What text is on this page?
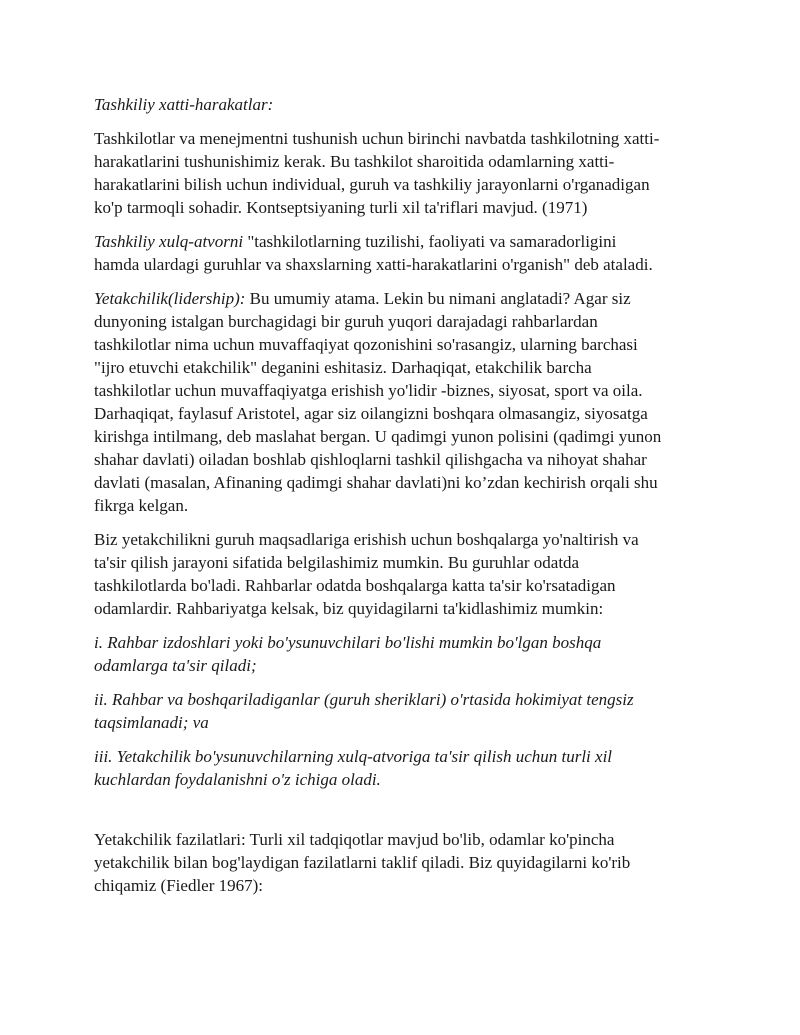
Tashkiliy xatti-harakatlar:

Tashkilotlar va menejmentni tushunish uchun birinchi navbatda tashkilotning xatti-
harakatlarini tushunishimiz kerak. Bu tashkilot sharoitida odamlarning xatti-
harakatlarini bilish uchun individual, guruh va tashkiliy jarayonlarni o'rganadigan
ko'p tarmoqli sohadir. Kontseptsiyaning turli xil ta'riflari mavjud. (1971)

Tashkiliy xulq-atvorni "tashkilotlarning tuzilishi, faoliyati va samaradorligini
hamda ulardagi guruhlar va shaxslarning xatti-harakatlarini o'rganish" deb ataladi.

Yetakchilik(lidership): Bu umumiy atama. Lekin bu nimani anglatadi? Agar siz
dunyoning istalgan burchagidagi bir guruh yuqori darajadagi rahbarlardan
tashkilotlar nima uchun muvaffaqiyat qozonishini so'rasangiz, ularning barchasi
"ijro etuvchi etakchilik" deganini eshitasiz. Darhaqiqat, etakchilik barcha
tashkilotlar uchun muvaffaqiyatga erishish yo'lidir -biznes, siyosat, sport va oila.
Darhaqiqat, faylasuf Aristotel, agar siz oilangizni boshqara olmasangiz, siyosatga
kirishga intilmang, deb maslahat bergan. U qadimgi yunon polisini (qadimgi yunon
shahar davlati) oiladan boshlab qishloqlarni tashkil qilishgacha va nihoyat shahar
davlati (masalan, Afinaning qadimgi shahar davlati)ni ko’zdan kechirish orqali shu
fikrga kelgan.

Biz yetakchilikni guruh maqsadlariga erishish uchun boshqalarga yo'naltirish va
ta'sir qilish jarayoni sifatida belgilashimiz mumkin. Bu guruhlar odatda
tashkilotlarda bo'ladi. Rahbarlar odatda boshqalarga katta ta'sir ko'rsatadigan
odamlardir. Rahbariyatga kelsak, biz quyidagilarni ta'kidlashimiz mumkin:

i. Rahbar izdoshlari yoki bo'ysunuvchilari bo'lishi mumkin bo'lgan boshqa
odamlarga ta'sir qiladi;

ii. Rahbar va boshqariladiganlar (guruh sheriklari) o'rtasida hokimiyat tengsiz
taqsimlanadi; va

iii. Yetakchilik bo'ysunuvchilarning xulq-atvoriga ta'sir qilish uchun turli xil
kuchlardan foydalanishni o'z ichiga oladi.

Yetakchilik fazilatlari: Turli xil tadqiqotlar mavjud bo'lib, odamlar ko'pincha
yetakchilik bilan bog'laydigan fazilatlarni taklif qiladi. Biz quyidagilarni ko'rib
chiqamiz (Fiedler 1967):
